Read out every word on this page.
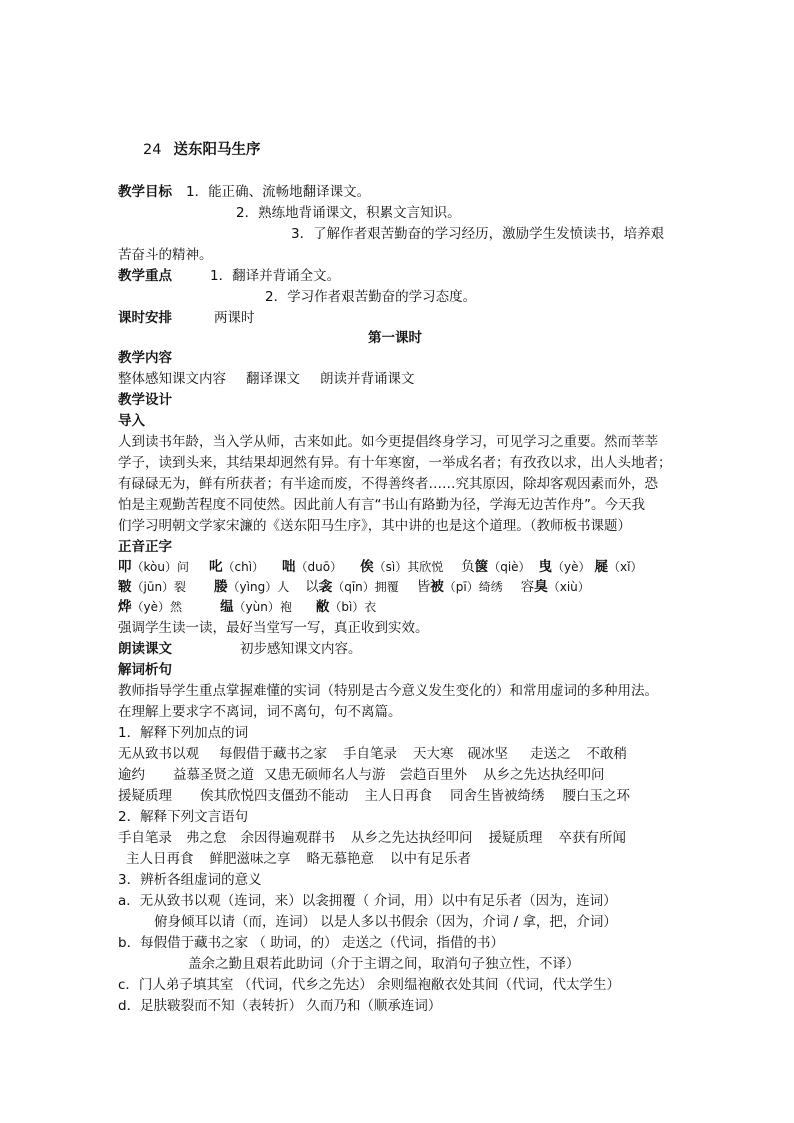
24 送东阳马生序
教学目标 1．能正确、流畅地翻译课文。
2．熟练地背诵课文，积累文言知识。
3．了解作者艰苦勤奋的学习经历，激励学生发愤读书，培养艰
苦奋斗的精神。
教学重点	1．翻译并背诵全文。
2．学习作者艰苦勤奋的学习态度。
课时安排	两课时
第一课时
教学内容
整体感知课文内容 翻译课文 朗读并背诵课文
教学设计
导入
人到读书年龄，当入学从师，古来如此。如今更提倡终身学习，可见学习之重要。然而莘莘
学子，读到头来，其结果却迥然有异。有十年寒窗，一举成名者；有孜孜以求，出人头地者；
有碌碌无为，鲜有所获者；有半途而废，不得善终者……究其原因，除却客观因素而外，恐
怕是主观勤苦程度不同使然。因此前人有言“书山有路勤为径，学海无边苦作舟”。今天我
们学习明朝文学家宋濂的《送东阳马生序》，其中讲的也是这个道理。（教师板书课题）
正音正字
叩（kòu）问 叱（chì） 咄（duō） 俟（sì）其欣悦 负箧（qiè） 曳（yè） 屣（xǐ）
皲（jūn）裂 媵（yìng）人 以衾（qīn）拥覆 皆被（pī）绮绣 容臭（xiù）
烨（yè）然	缊（yùn）袍 敝（bì）衣
强调学生读一读，最好当堂写一写，真正收到实效。
朗读课文	初步感知课文内容。
解词析句
教师指导学生重点掌握难懂的实词（特别是古今意义发生变化的）和常用虚词的多种用法。
在理解上要求字不离词，词不离句，句不离篇。
1．解释下列加点的词
无从致书以观 每假借于藏书之家 手自笔录 天大寒 砚冰坚 走送之 不敢稍
逾约 益慕圣贤之道 又患无硕师名人与游 尝趋百里外 从乡之先达执经叩问
援疑质理 俟其欣悦四支僵劲不能动 主人日再食 同舍生皆被绮绣 腰白玉之环
2．解释下列文言语句
手自笔录 弗之怠 余因得遍观群书 从乡之先达执经叩问 援疑质理 卒获有所闻
主人日再食 鲜肥滋味之享 略无慕艳意 以中有足乐者
3．辨析各组虚词的意义
a．无从致书以观（连词，来）以衾拥覆（ 介词，用）以中有足乐者（因为，连词）
俯身倾耳以请（而，连词） 以是人多以书假余（因为，介词 / 拿，把，介词）
b．每假借于藏书之家 （ 助词，的） 走送之（代词，指借的书）
盖余之勤且艰若此助词（介于主谓之间，取消句子独立性，不译）
c．门人弟子填其室 （代词，代乡之先达） 余则缊袍敝衣处其间（代词，代太学生）
d．足肤皲裂而不知（表转折） 久而乃和（顺承连词）
